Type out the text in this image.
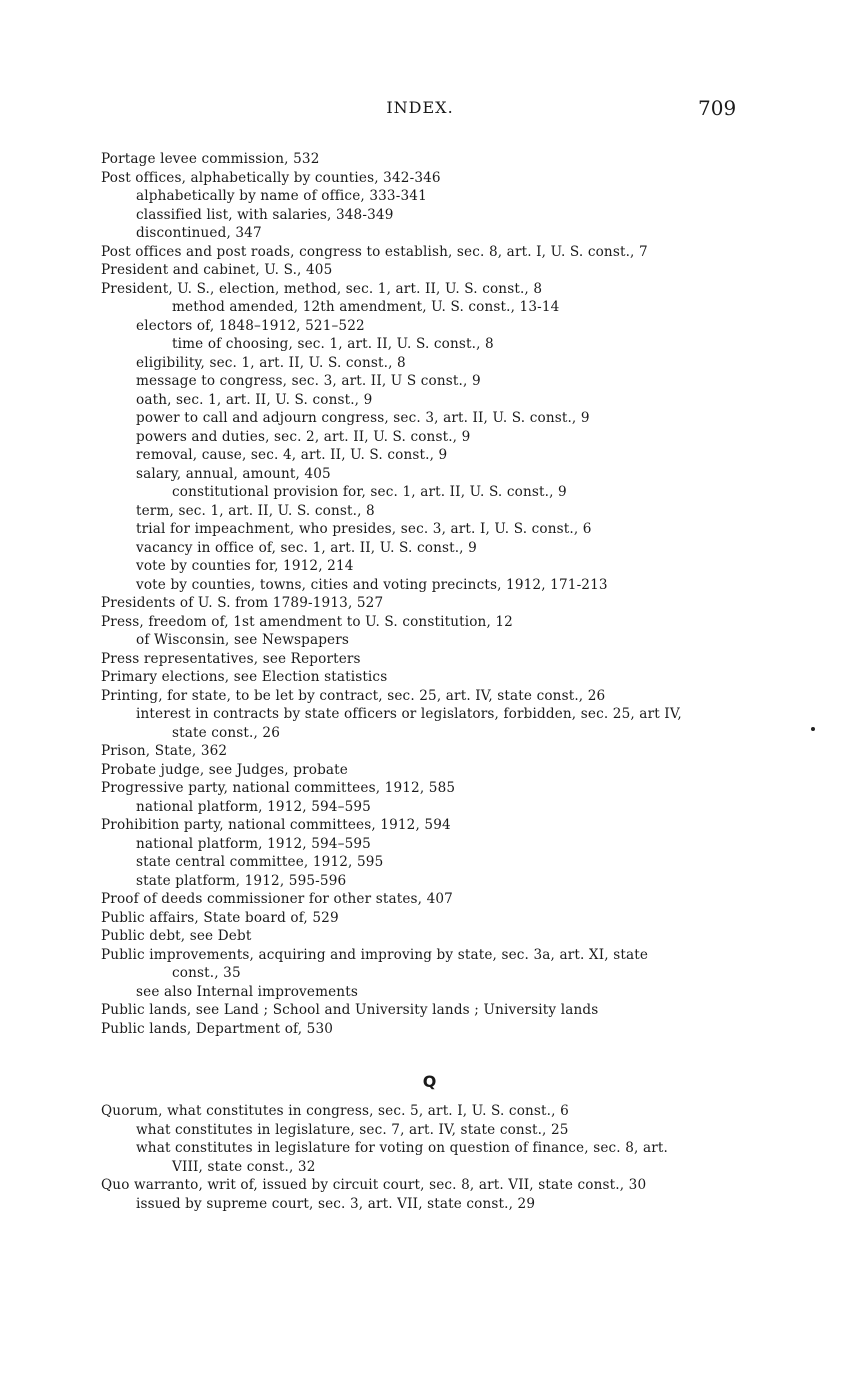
INDEX.	709
Portage levee commission, 532
Post offices, alphabetically by counties, 342-346
alphabetically by name of office, 333-341
classified list, with salaries, 348-349
discontinued, 347
Post offices and post roads, congress to establish, sec. 8, art. I, U. S. const., 7
President and cabinet, U. S., 405
President, U. S., election, method, sec. 1, art. II, U. S. const., 8
method amended, 12th amendment, U. S. const., 13-14
electors of, 1848–1912, 521–522
time of choosing, sec. 1, art. II, U. S. const., 8
eligibility, sec. 1, art. II, U. S. const., 8
message to congress, sec. 3, art. II, U S const., 9
oath, sec. 1, art. II, U. S. const., 9
power to call and adjourn congress, sec. 3, art. II, U. S. const., 9
powers and duties, sec. 2, art. II, U. S. const., 9
removal, cause, sec. 4, art. II, U. S. const., 9
salary, annual, amount, 405
constitutional provision for, sec. 1, art. II, U. S. const., 9
term, sec. 1, art. II, U. S. const., 8
trial for impeachment, who presides, sec. 3, art. I, U. S. const., 6
vacancy in office of, sec. 1, art. II, U. S. const., 9
vote by counties for, 1912, 214
vote by counties, towns, cities and voting precincts, 1912, 171-213
Presidents of U. S. from 1789-1913, 527
Press, freedom of, 1st amendment to U. S. constitution, 12
of Wisconsin, see Newspapers
Press representatives, see Reporters
Primary elections, see Election statistics
Printing, for state, to be let by contract, sec. 25, art. IV, state const., 26
interest in contracts by state officers or legislators, forbidden, sec. 25, art IV,
state const., 26
Prison, State, 362
Probate judge, see Judges, probate
Progressive party, national committees, 1912, 585
national platform, 1912, 594–595
Prohibition party, national committees, 1912, 594
national platform, 1912, 594–595
state central committee, 1912, 595
state platform, 1912, 595-596
Proof of deeds commissioner for other states, 407
Public affairs, State board of, 529
Public debt, see Debt
Public improvements, acquiring and improving by state, sec. 3a, art. XI, state
const., 35
see also Internal improvements
Public lands, see Land ; School and University lands ; University lands
Public lands, Department of, 530
Q
Quorum, what constitutes in congress, sec. 5, art. I, U. S. const., 6
what constitutes in legislature, sec. 7, art. IV, state const., 25
what constitutes in legislature for voting on question of finance, sec. 8, art.
VIII, state const., 32
Quo warranto, writ of, issued by circuit court, sec. 8, art. VII, state const., 30
issued by supreme court, sec. 3, art. VII, state const., 29
